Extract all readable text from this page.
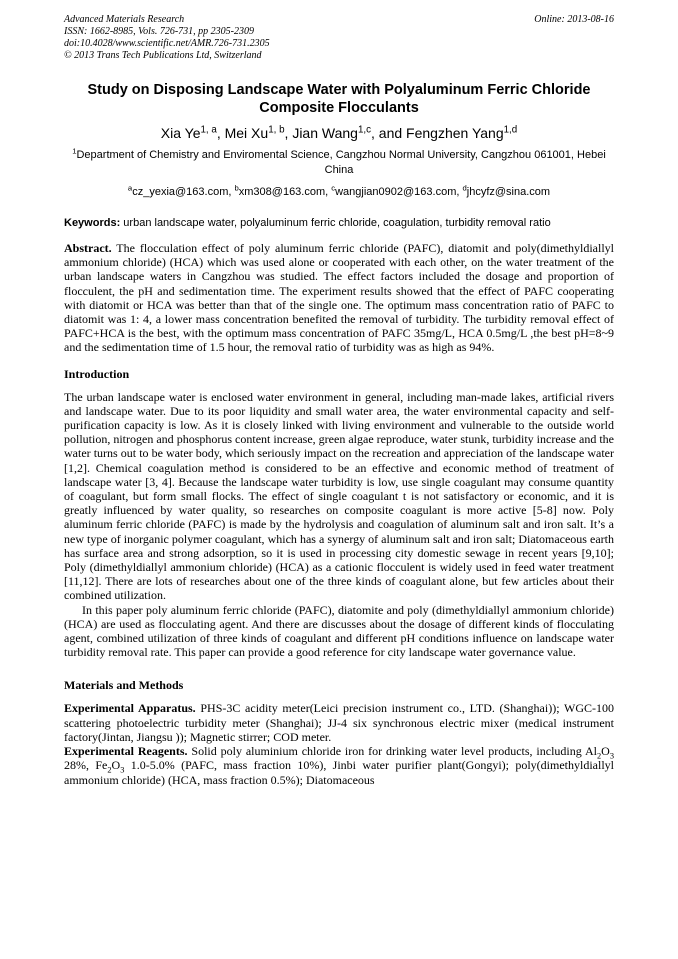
Advanced Materials Research
ISSN: 1662-8985, Vols. 726-731, pp 2305-2309
doi:10.4028/www.scientific.net/AMR.726-731.2305
© 2013 Trans Tech Publications Ltd, Switzerland
Online: 2013-08-16
Study on Disposing Landscape Water with Polyaluminum Ferric Chloride Composite Flocculants
Xia Ye$^{1, a}$, Mei Xu$^{1, b}$, Jian Wang$^{1,c}$, and Fengzhen Yang$^{1,d}$
$^1$Department of Chemistry and Enviromental Science, Cangzhou Normal University, Cangzhou 061001, Hebei China
$^a$cz_yexia@163.com, $^b$xm308@163.com, $^c$wangjian0902@163.com, $^d$jhcyfz@sina.com
Keywords: urban landscape water, polyaluminum ferric chloride, coagulation, turbidity removal ratio
Abstract. The flocculation effect of poly aluminum ferric chloride (PAFC), diatomit and poly(dimethyldiallyl ammonium chloride) (HCA) which was used alone or cooperated with each other, on the water treatment of the urban landscape waters in Cangzhou was studied. The effect factors included the dosage and proportion of flocculent, the pH and sedimentation time. The experiment results showed that the effect of PAFC cooperating with diatomit or HCA was better than that of the single one. The optimum mass concentration ratio of PAFC to diatomit was 1: 4, a lower mass concentration benefited the removal of turbidity. The turbidity removal effect of PAFC+HCA is the best, with the optimum mass concentration of PAFC 35mg/L, HCA 0.5mg/L ,the best pH=8~9 and the sedimentation time of 1.5 hour, the removal ratio of turbidity was as high as 94%.
Introduction
The urban landscape water is enclosed water environment in general, including man-made lakes, artificial rivers and landscape water. Due to its poor liquidity and small water area, the water environmental capacity and self-purification capacity is low. As it is closely linked with living environment and vulnerable to the outside world pollution, nitrogen and phosphorus content increase, green algae reproduce, water stunk, turbidity increase and the water turns out to be water body, which seriously impact on the recreation and appreciation of the landscape water [1,2]. Chemical coagulation method is considered to be an effective and economic method of treatment of landscape water [3, 4]. Because the landscape water turbidity is low, use single coagulant may consume quantity of coagulant, but form small flocks. The effect of single coagulant t is not satisfactory or economic, and it is greatly influenced by water quality, so researches on composite coagulant is more active [5-8] now. Poly aluminum ferric chloride (PAFC) is made by the hydrolysis and coagulation of aluminum salt and iron salt. It’s a new type of inorganic polymer coagulant, which has a synergy of aluminum salt and iron salt; Diatomaceous earth has surface area and strong adsorption, so it is used in processing city domestic sewage in recent years [9,10]; Poly (dimethyldiallyl ammonium chloride) (HCA) as a cationic flocculent is widely used in feed water treatment [11,12]. There are lots of researches about one of the three kinds of coagulant alone, but few articles about their combined utilization.
In this paper poly aluminum ferric chloride (PAFC), diatomite and poly (dimethyldiallyl ammonium chloride) (HCA) are used as flocculating agent. And there are discusses about the dosage of different kinds of flocculating agent, combined utilization of three kinds of coagulant and different pH conditions influence on landscape water turbidity removal rate. This paper can provide a good reference for city landscape water governance value.
Materials and Methods
Experimental Apparatus. PHS-3C acidity meter(Leici precision instrument co., LTD. (Shanghai)); WGC-100 scattering photoelectric turbidity meter (Shanghai); JJ-4 six synchronous electric mixer (medical instrument factory(Jintan, Jiangsu )); Magnetic stirrer; COD meter.
Experimental Reagents. Solid poly aluminium chloride iron for drinking water level products, including $Al_2O_3$ 28%, $Fe_2O_3$ 1.0-5.0% (PAFC, mass fraction 10%), Jinbi water purifier plant(Gongyi); poly(dimethyldiallyl ammonium chloride) (HCA, mass fraction 0.5%); Diatomaceous
